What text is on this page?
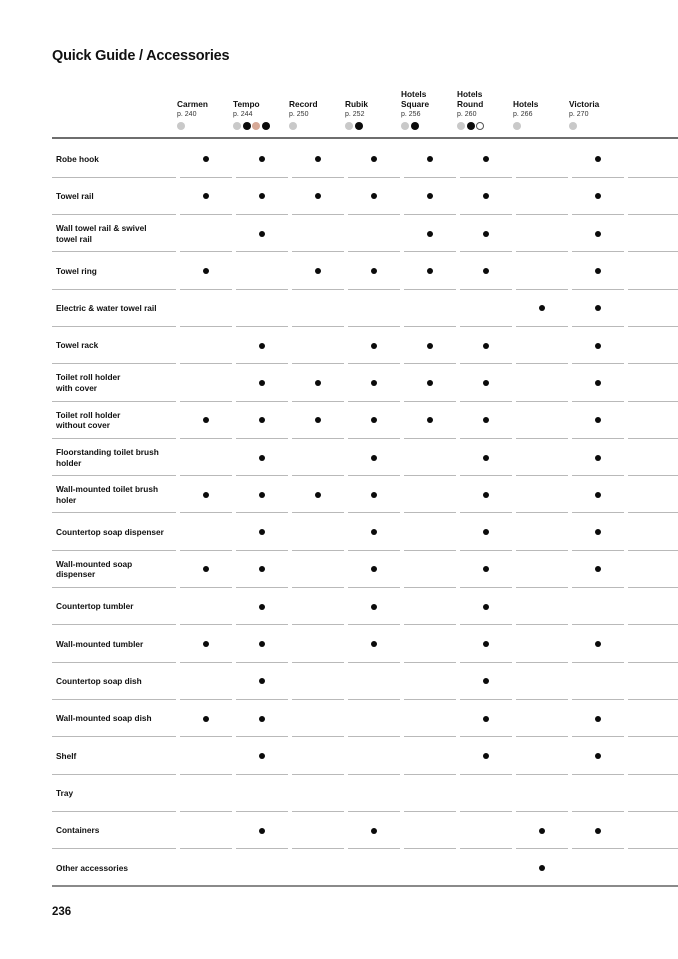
Quick Guide / Accessories
Carmen
p. 240
Tempo
p. 244
Record
p. 250
Rubik
p. 252
Hotels
Square
p. 256
Hotels
Round
p. 260
Hotels
p. 266
Victoria
p. 270
Robe hook
Towel rail
Wall towel rail & swivel
towel rail
Towel ring
Electric & water towel rail
Towel rack
Toilet roll holder
with cover
Toilet roll holder
without cover
Floorstanding toilet brush
holder
Wall-mounted toilet brush
holer
Countertop soap dispenser
Wall-mounted soap
dispenser
Countertop tumbler
Wall-mounted tumbler
Countertop soap dish
Wall-mounted soap dish
Shelf
Tray
Containers
Other accessories
236
